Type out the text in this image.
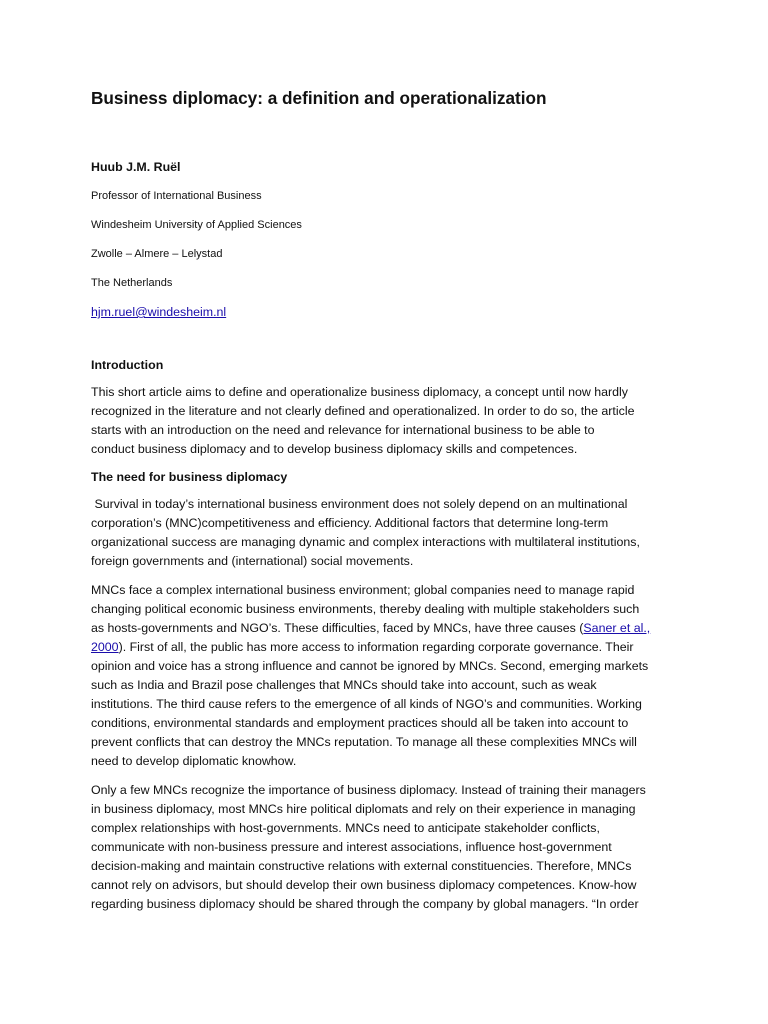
Business diplomacy: a definition and operationalization
Huub J.M. Ruël
Professor of International Business
Windesheim University of Applied Sciences
Zwolle – Almere – Lelystad
The Netherlands
hjm.ruel@windesheim.nl
Introduction
This short article aims to define and operationalize business diplomacy, a concept until now hardly
recognized in the literature and not clearly defined and operationalized. In order to do so, the article
starts with an introduction on the need and relevance for international business to be able to
conduct business diplomacy and to develop business diplomacy skills and competences.
The need for business diplomacy
Survival in today’s international business environment does not solely depend on an multinational
corporation’s (MNC)competitiveness and efficiency. Additional factors that determine long-term
organizational success are managing dynamic and complex interactions with multilateral institutions,
foreign governments and (international) social movements.
MNCs face a complex international business environment; global companies need to manage rapid
changing political economic business environments, thereby dealing with multiple stakeholders such
as hosts-governments and NGO’s. These difficulties, faced by MNCs, have three causes (Saner et al.,
2000). First of all, the public has more access to information regarding corporate governance. Their
opinion and voice has a strong influence and cannot be ignored by MNCs. Second, emerging markets
such as India and Brazil pose challenges that MNCs should take into account, such as weak
institutions. The third cause refers to the emergence of all kinds of NGO’s and communities. Working
conditions, environmental standards and employment practices should all be taken into account to
prevent conflicts that can destroy the MNCs reputation. To manage all these complexities MNCs will
need to develop diplomatic knowhow.
Only a few MNCs recognize the importance of business diplomacy. Instead of training their managers
in business diplomacy, most MNCs hire political diplomats and rely on their experience in managing
complex relationships with host-governments. MNCs need to anticipate stakeholder conflicts,
communicate with non-business pressure and interest associations, influence host-government
decision-making and maintain constructive relations with external constituencies. Therefore, MNCs
cannot rely on advisors, but should develop their own business diplomacy competences. Know-how
regarding business diplomacy should be shared through the company by global managers. “In order
